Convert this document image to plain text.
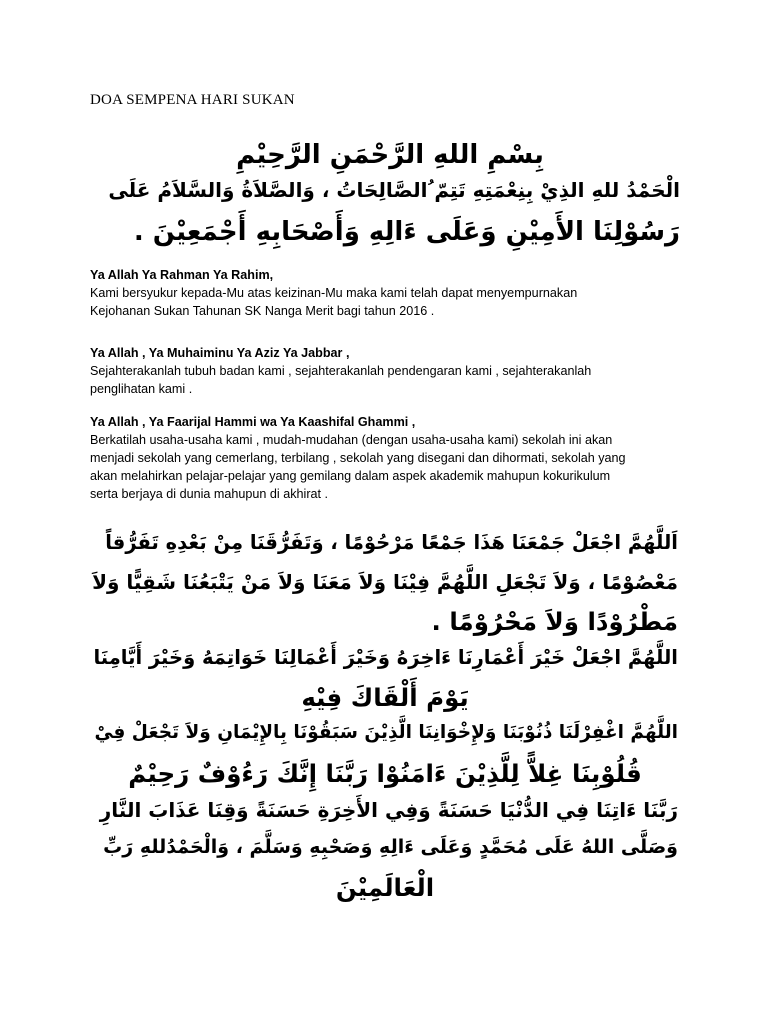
DOA SEMPENA HARI SUKAN
بِسْمِ اللهِ الرَّحْمَنِ الرَّحِيْمِ
الْحَمْدُ للهِ الذِيْ بِنِعْمَتِهِ تَتِمّ ُالصَّالِحَاتُ ، وَالصَّلاَةُ وَالسَّلاَمُ عَلَى
رَسُوْلِنَا الأَمِيْنِ وَعَلَى ءَالِهِ وَأَصْحَابِهِ أَجْمَعِيْنَ .
Ya Allah Ya Rahman Ya Rahim,
Kami bersyukur kepada-Mu atas keizinan-Mu maka kami telah dapat menyempurnakan
Kejohanan Sukan Tahunan SK Nanga Merit bagi tahun 2016 .
Ya Allah , Ya Muhaiminu Ya Aziz Ya Jabbar ,
Sejahterakanlah tubuh badan kami , sejahterakanlah pendengaran kami , sejahterakanlah
penglihatan kami .
Ya Allah , Ya Faarijal Hammi wa Ya Kaashifal Ghammi ,
Berkatilah usaha-usaha kami , mudah-mudahan (dengan usaha-usaha kami) sekolah ini akan
menjadi sekolah yang cemerlang, terbilang , sekolah yang disegani dan dihormati, sekolah yang
akan melahirkan pelajar-pelajar yang gemilang dalam aspek akademik mahupun kokurikulum
serta berjaya di dunia mahupun di akhirat .
اَللَّهُمَّ اجْعَلْ جَمْعَنَا هَذَا جَمْعًا مَرْحُوْمًا ، وَتَفَرُّقَنَا مِنْ بَعْدِهِ تَفَرُّقاً
مَعْصُوْمًا ، وَلاَ تَجْعَلِ اللَّهُمَّ فِيْنَا وَلاَ مَعَنَا وَلاَ مَنْ يَتْبَعُنَا شَقِيًّا وَلاَ
مَطْرُوْدًا وَلاَ مَحْرُوْمًا .
اللَّهُمَّ اجْعَلْ خَيْرَ أَعْمَارِنَا ءَاخِرَهُ وَخَيْرَ أَعْمَالِنَا خَوَاتِمَهُ وَخَيْرَ أَيَّامِنَا
يَوْمَ أَلْقَاكَ فِيْهِ
اللَّهُمَّ اغْفِرْلَنَا ذُنُوْبَنَا وَلإِخْوَانِنَا الَّذِيْنَ سَبَقُوْنَا بِالإِيْمَانِ وَلاَ تَجْعَلْ فِيْ
قُلُوْبِنَا غِلاًّ لِلَّذِيْنَ ءَامَنُوْا رَبَّنَا إِنَّكَ رَءُوْفٌ رَحِيْمٌ
رَبَّنَا ءَاتِنَا فِي الدُّنْيَا حَسَنَةً وَفِي الأَخِرَةِ حَسَنَةً وَقِنَا عَذَابَ النَّارِ
وَصَلَّى اللهُ عَلَى مُحَمَّدٍ وَعَلَى ءَالِهِ وَصَحْبِهِ وَسَلَّمَ ، وَالْحَمْدُللهِ رَبِّ
الْعَالَمِيْنَ
